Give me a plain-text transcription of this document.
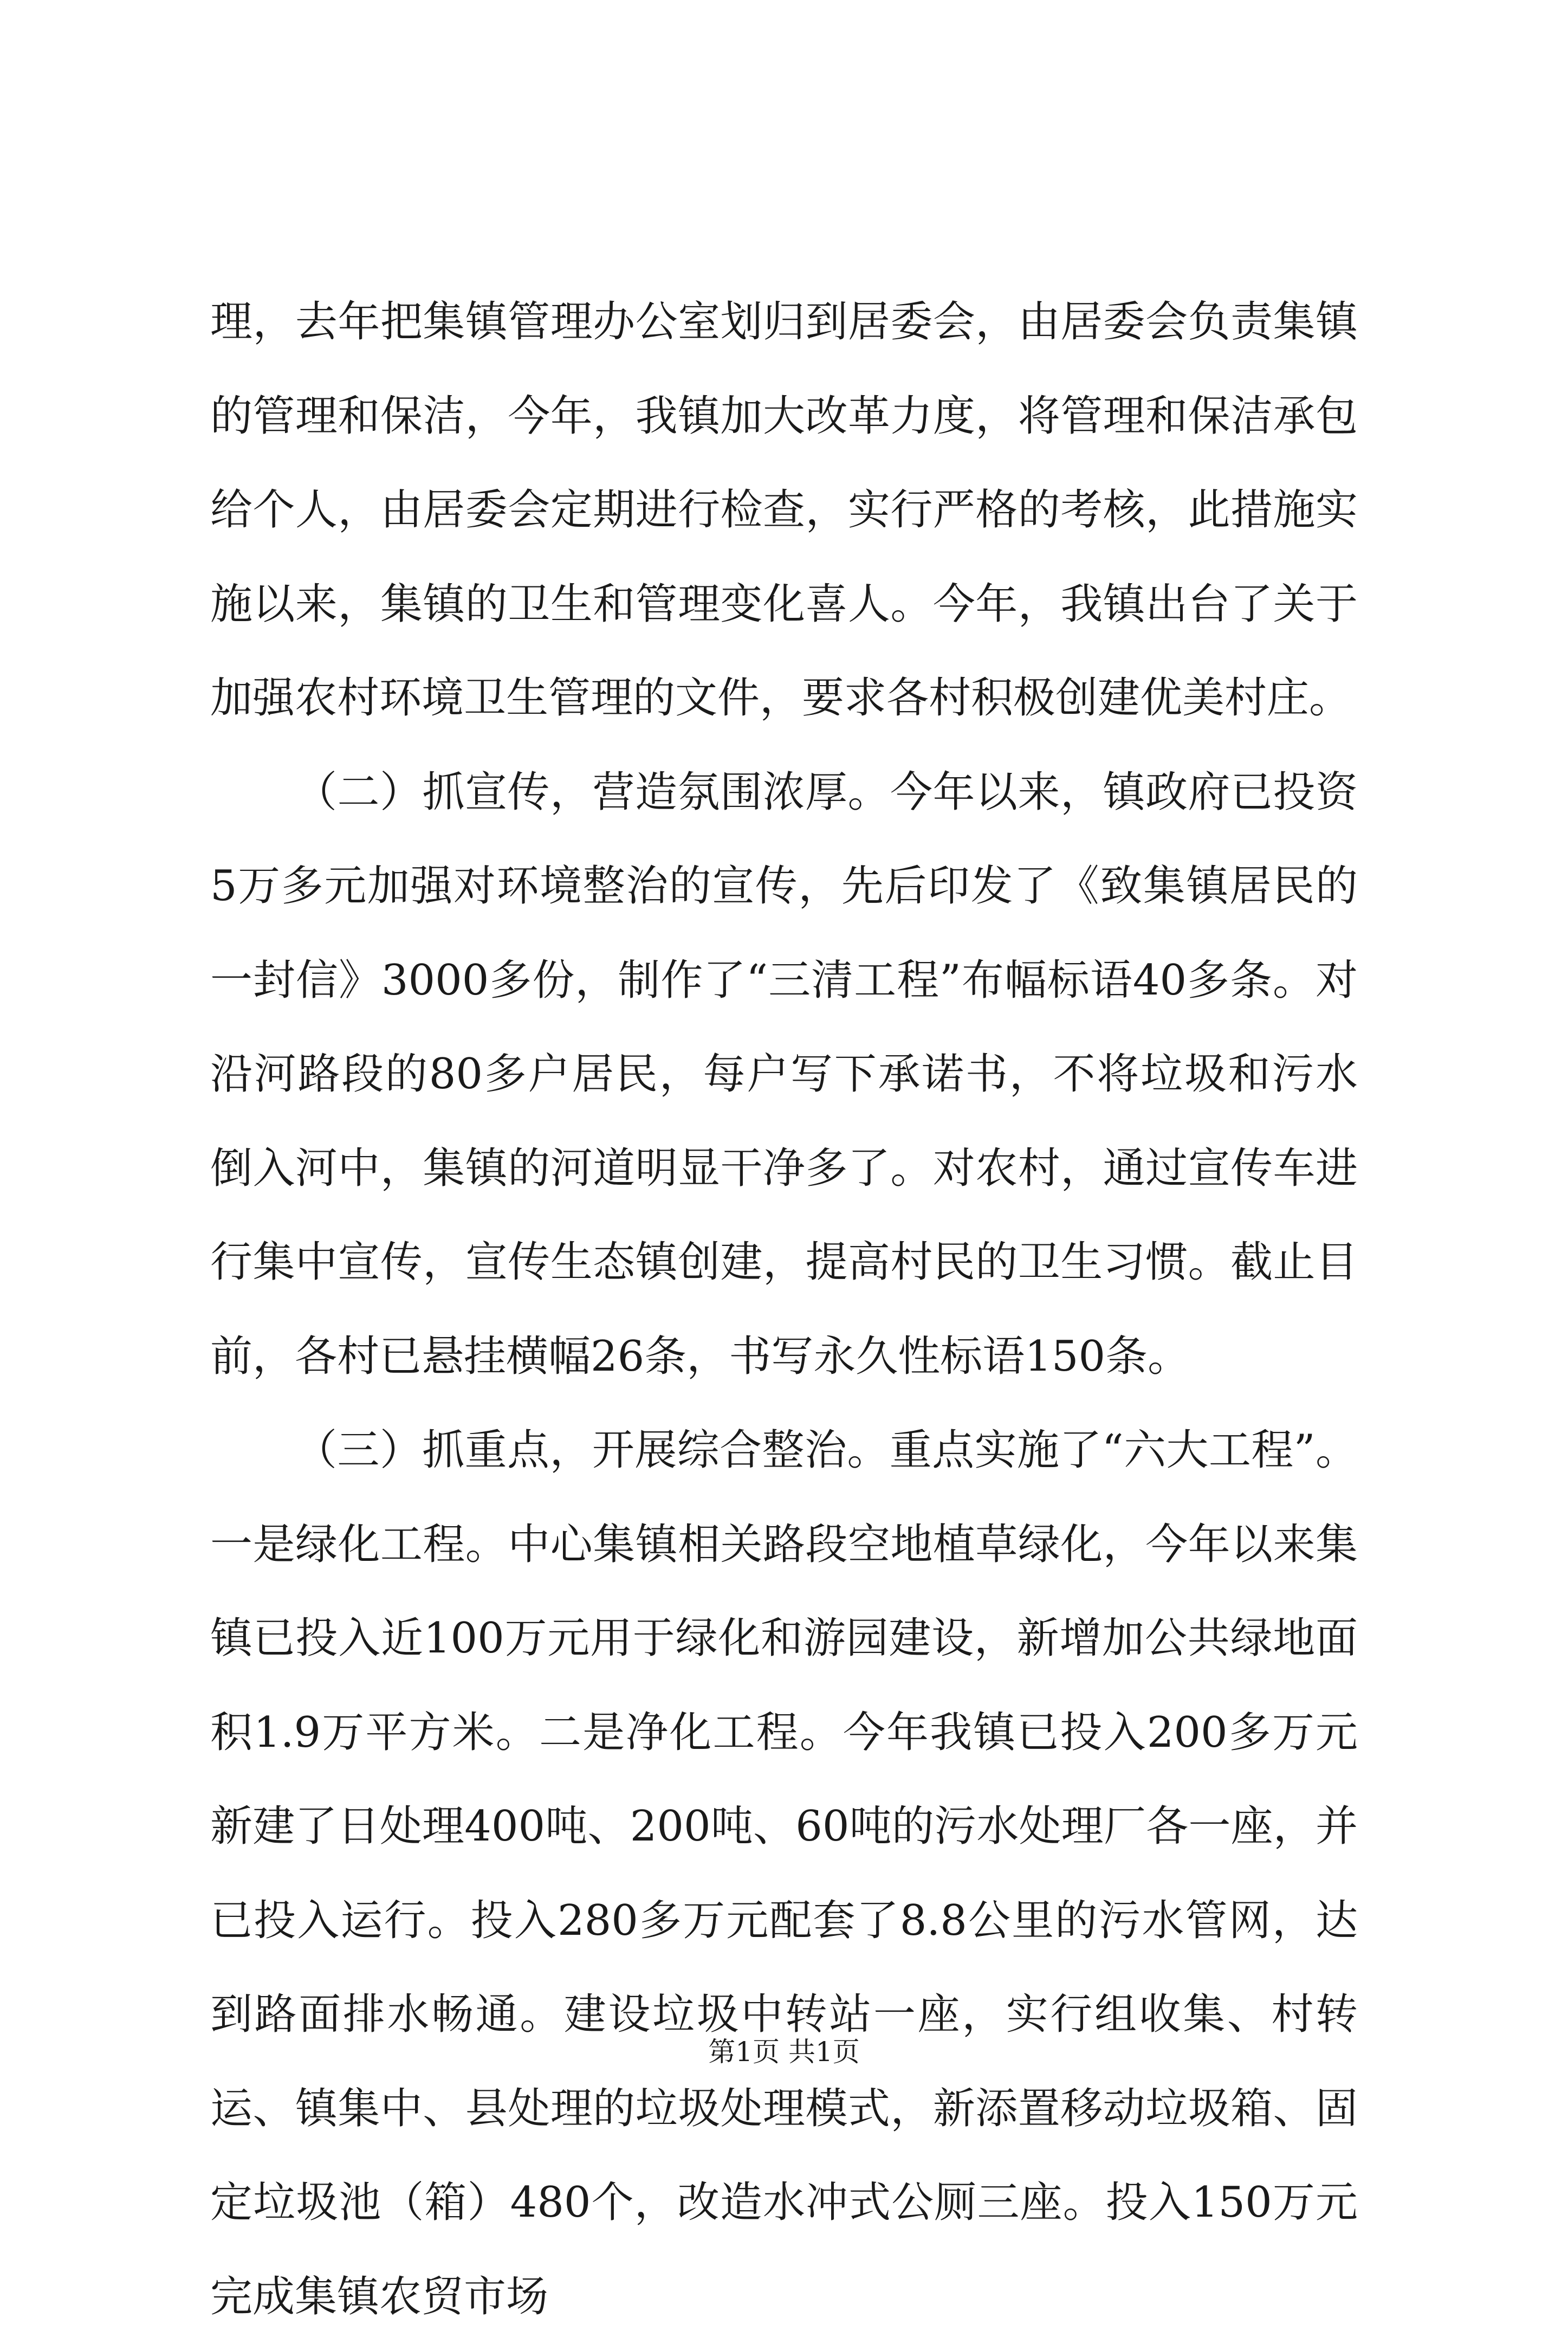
理，去年把集镇管理办公室划归到居委会，由居委会负责集镇的管理和保洁，今年，我镇加大改革力度，将管理和保洁承包给个人，由居委会定期进行检查，实行严格的考核，此措施实施以来，集镇的卫生和管理变化喜人。今年，我镇出台了关于加强农村环境卫生管理的文件，要求各村积极创建优美村庄。

（二）抓宣传，营造氛围浓厚。今年以来，镇政府已投资5万多元加强对环境整治的宣传，先后印发了《致集镇居民的一封信》3000多份，制作了“三清工程”布幅标语40多条。对沿河路段的80多户居民，每户写下承诺书，不将垃圾和污水倒入河中，集镇的河道明显干净多了。对农村，通过宣传车进行集中宣传，宣传生态镇创建，提高村民的卫生习惯。截止目前，各村已悬挂横幅26条，书写永久性标语150条。

（三）抓重点，开展综合整治。重点实施了“六大工程”。一是绿化工程。中心集镇相关路段空地植草绿化，今年以来集镇已投入近100万元用于绿化和游园建设，新增加公共绿地面积1.9万平方米。二是净化工程。今年我镇已投入200多万元新建了日处理400吨、200吨、60吨的污水处理厂各一座，并已投入运行。投入280多万元配套了8.8公里的污水管网，达到路面排水畅通。建设垃圾中转站一座，实行组收集、村转运、镇集中、县处理的垃圾处理模式，新添置移动垃圾箱、固定垃圾池（箱）480个，改造水冲式公厕三座。投入150万元完成集镇农贸市场

第1页 共1页
